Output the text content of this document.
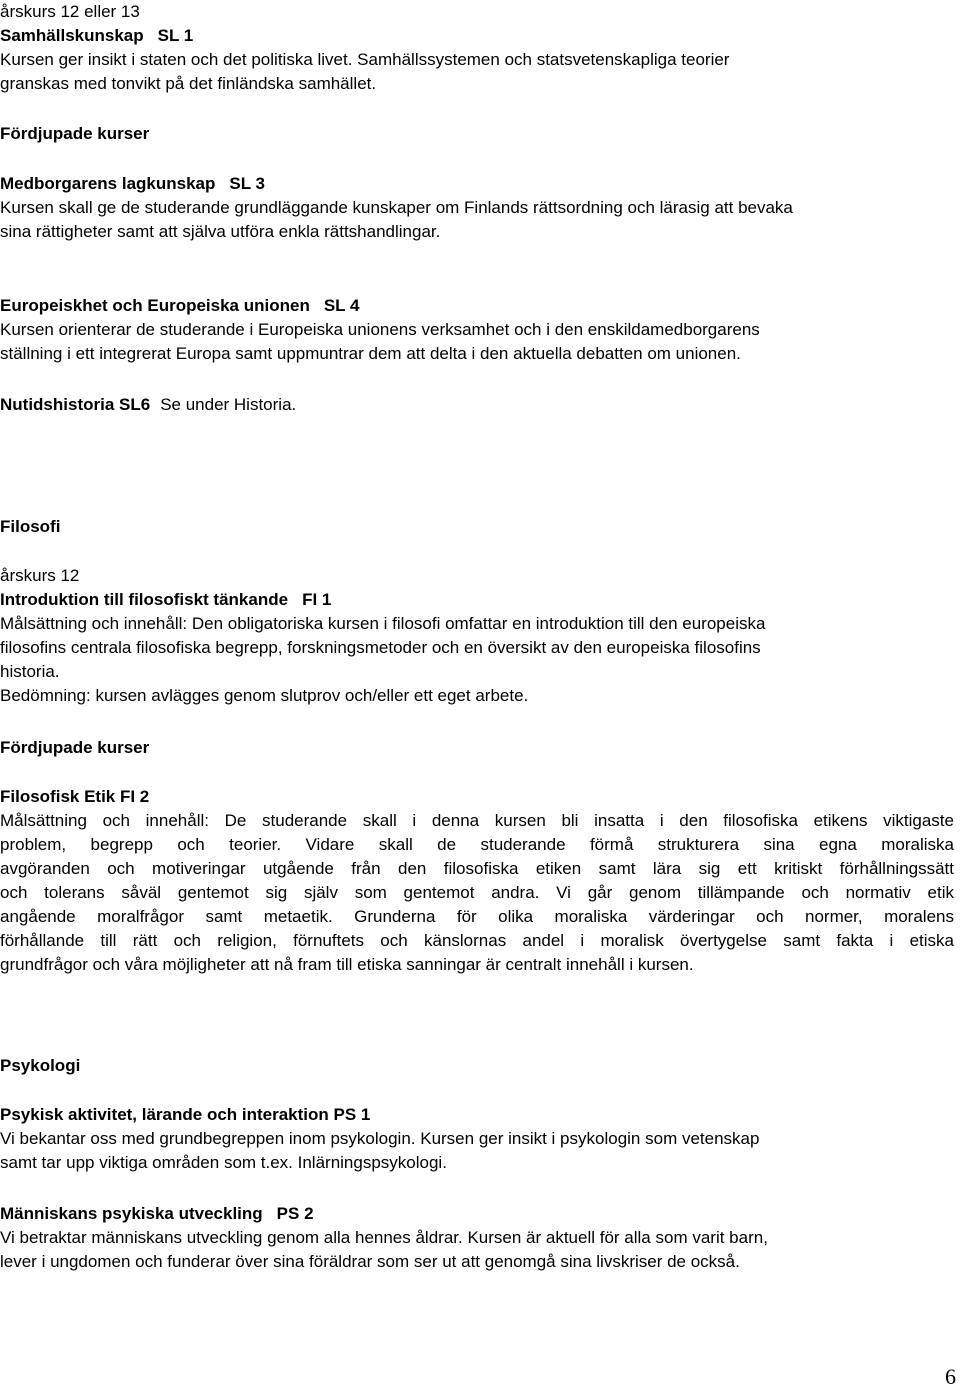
årskurs 12 eller 13
Samhällskunskap SL 1
Kursen ger insikt i staten och det politiska livet. Samhällssystemen och statsvetenskapliga teorier
granskas med tonvikt på det finländska samhället.
Fördjupade kurser
Medborgarens lagkunskap SL 3
Kursen skall ge de studerande grundläggande kunskaper om Finlands rättsordning och lärasig att bevaka
sina rättigheter samt att själva utföra enkla rättshandlingar.
Europeiskhet och Europeiska unionen SL 4
Kursen orienterar de studerande i Europeiska unionens verksamhet och i den enskildamedborgarens
ställning i ett integrerat Europa samt uppmuntrar dem att delta i den aktuella debatten om unionen.
Nutidshistoria SL6 Se under Historia.
Filosofi
årskurs 12
Introduktion till filosofiskt tänkande FI 1
Målsättning och innehåll: Den obligatoriska kursen i filosofi omfattar en introduktion till den europeiska
filosofins centrala filosofiska begrepp, forskningsmetoder och en översikt av den europeiska filosofins
historia.
Bedömning: kursen avlägges genom slutprov och/eller ett eget arbete.
Fördjupade kurser
Filosofisk Etik FI 2
Målsättning och innehåll: De studerande skall i denna kursen bli insatta i den filosofiska etikens viktigaste
problem, begrepp och teorier. Vidare skall de studerande förmå strukturera sina egna moraliska
avgöranden och motiveringar utgående från den filosofiska etiken samt lära sig ett kritiskt förhållningssätt
och tolerans såväl gentemot sig själv som gentemot andra. Vi går genom tillämpande och normativ etik
angående moralfrågor samt metaetik. Grunderna för olika moraliska värderingar och normer, moralens
förhållande till rätt och religion, förnuftets och känslornas andel i moralisk övertygelse samt fakta i etiska
grundfrågor och våra möjligheter att nå fram till etiska sanningar är centralt innehåll i kursen.
Psykologi
Psykisk aktivitet, lärande och interaktion PS 1
Vi bekantar oss med grundbegreppen inom psykologin. Kursen ger insikt i psykologin som vetenskap
samt tar upp viktiga områden som t.ex. Inlärningspsykologi.
Människans psykiska utveckling PS 2
Vi betraktar människans utveckling genom alla hennes åldrar. Kursen är aktuell för alla som varit barn,
lever i ungdomen och funderar över sina föräldrar som ser ut att genomgå sina livskriser de också.
6
